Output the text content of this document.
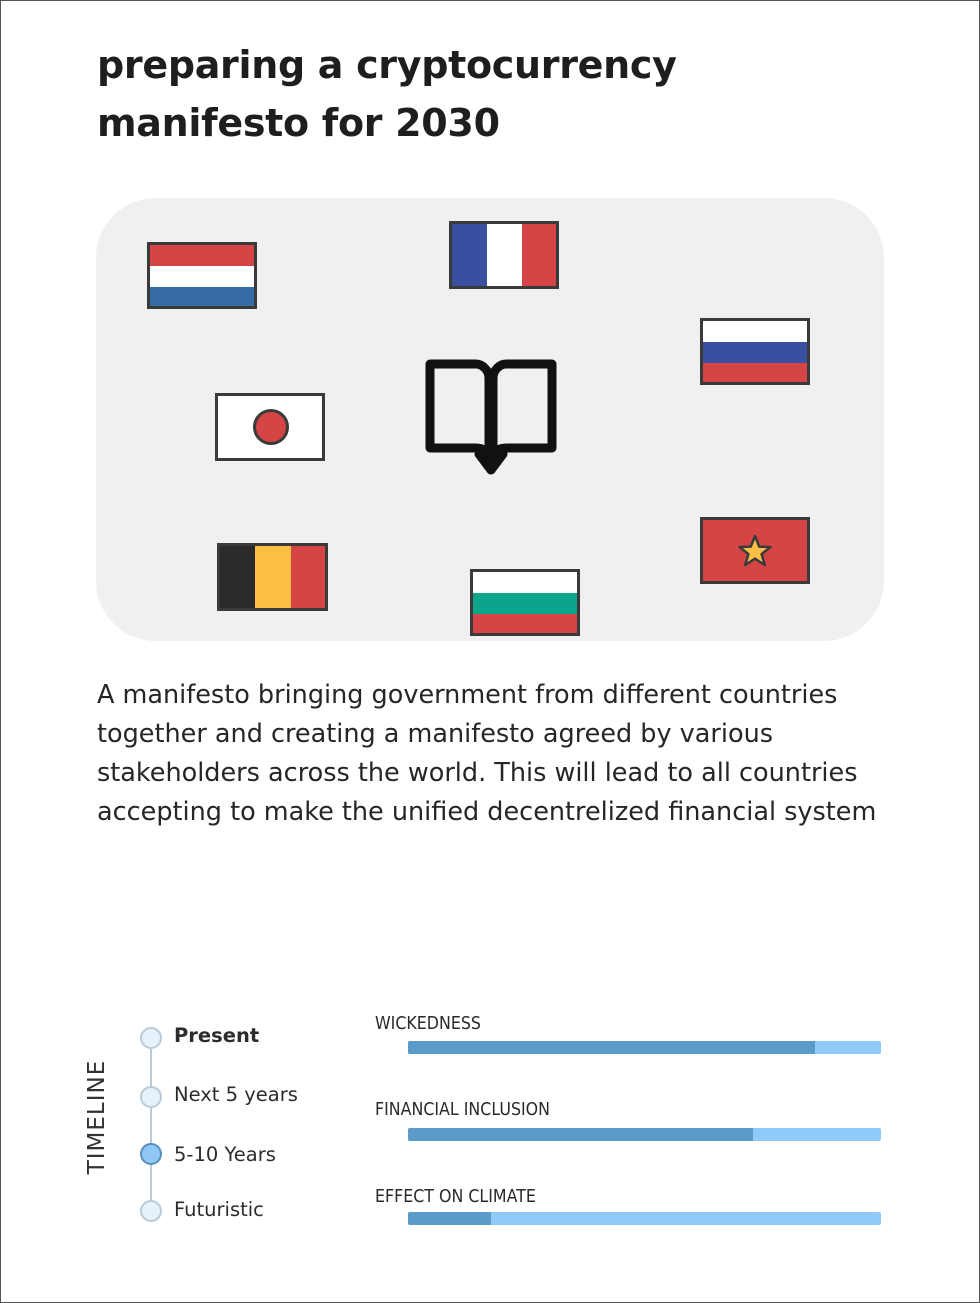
preparing a cryptocurrency manifesto for 2030

A manifesto bringing government from different countries together and creating a manifesto agreed by various stakeholders across the world. This will lead to all countries accepting to make the unified decentrelized financial system

TIMELINE
Present
Next 5 years
5-10 Years
Futuristic
WICKEDNESS
FINANCIAL INCLUSION
EFFECT ON CLIMATE
